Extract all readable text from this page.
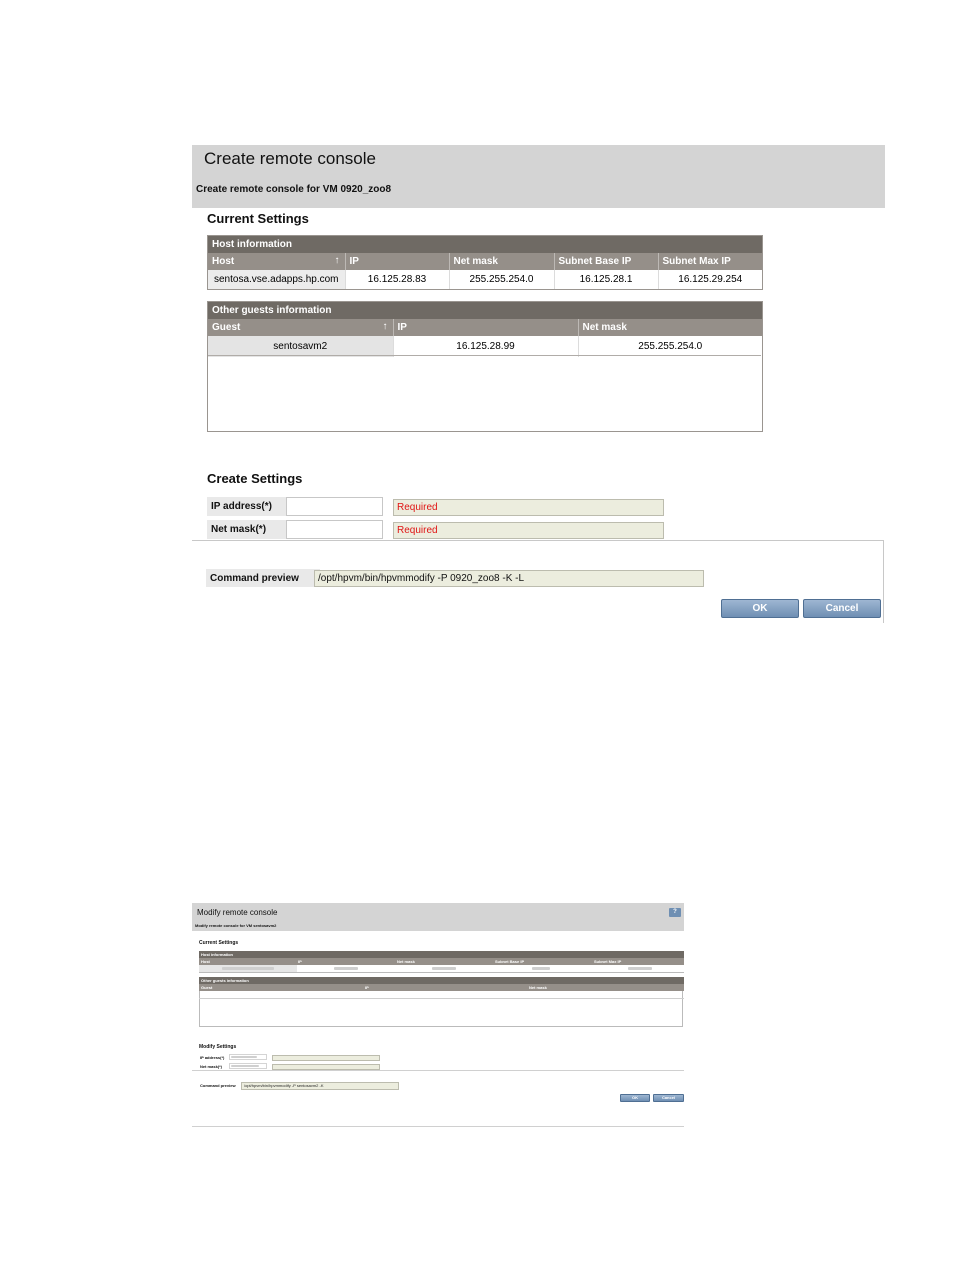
Create remote console
Create remote console for VM 0920_zoo8
Current Settings
Host information				
Host ↑	IP	Net mask	Subnet Base IP	Subnet Max IP
sentosa.vse.adapps.hp.com	16.125.28.83	255.255.254.0	16.125.28.1	16.125.29.254
Other guests information		
Guest ↑	IP	Net mask
sentosavm2	16.125.28.99	255.255.254.0
Create Settings
IP address(*)	Required
Net mask(*)	Required
Command preview	/opt/hpvm/bin/hpvmmodify -P 0920_zoo8 -K -L
OK	Cancel
Modify remote console
Modify remote console for VM sentosavm2
?
Current Settings
Host information
Host	IP	Net mask	Subnet Base IP	Subnet Max IP
Other guests information
Guest	IP	Net mask
Modify Settings
IP address(*)
Net mask(*)
Command preview	/opt/hpvm/bin/hpvmmodify -P sentosavm2 -K
OK	Cancel
